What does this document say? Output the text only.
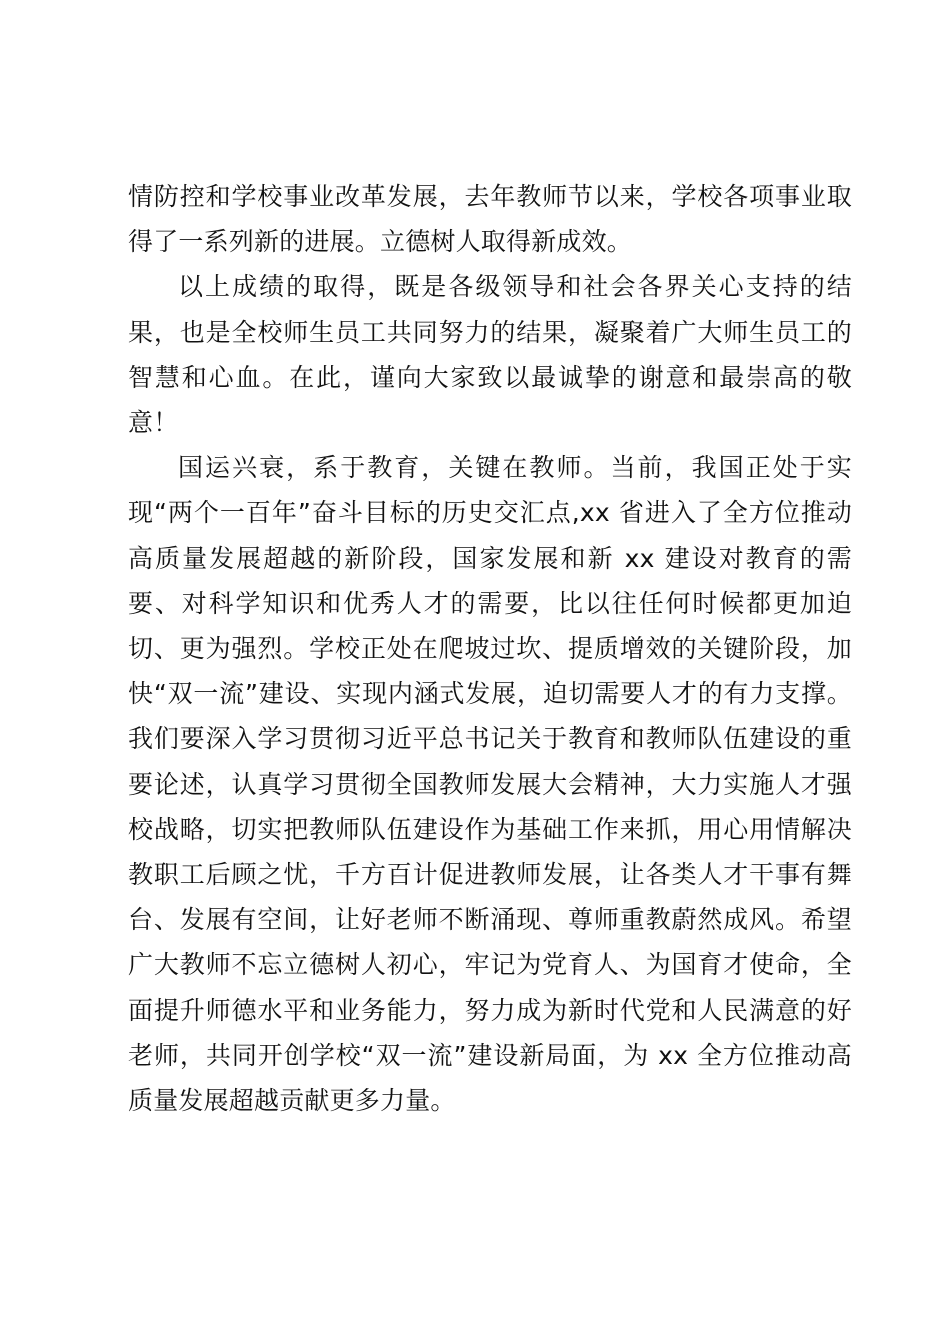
情防控和学校事业改革发展，去年教师节以来，学校各项事业取得了一系列新的进展。立德树人取得新成效。

以上成绩的取得，既是各级领导和社会各界关心支持的结果，也是全校师生员工共同努力的结果，凝聚着广大师生员工的智慧和心血。在此，谨向大家致以最诚挚的谢意和最崇高的敬意！

国运兴衰，系于教育，关键在教师。当前，我国正处于实现“两个一百年”奋斗目标的历史交汇点,xx 省进入了全方位推动高质量发展超越的新阶段，国家发展和新 xx 建设对教育的需要、对科学知识和优秀人才的需要，比以往任何时候都更加迫切、更为强烈。学校正处在爬坡过坎、提质增效的关键阶段，加快“双一流”建设、实现内涵式发展，迫切需要人才的有力支撑。我们要深入学习贯彻习近平总书记关于教育和教师队伍建设的重要论述，认真学习贯彻全国教师发展大会精神，大力实施人才强校战略，切实把教师队伍建设作为基础工作来抓，用心用情解决教职工后顾之忧，千方百计促进教师发展，让各类人才干事有舞台、发展有空间，让好老师不断涌现、尊师重教蔚然成风。希望广大教师不忘立德树人初心，牢记为党育人、为国育才使命，全面提升师德水平和业务能力，努力成为新时代党和人民满意的好老师，共同开创学校“双一流”建设新局面，为 xx 全方位推动高质量发展超越贡献更多力量。
